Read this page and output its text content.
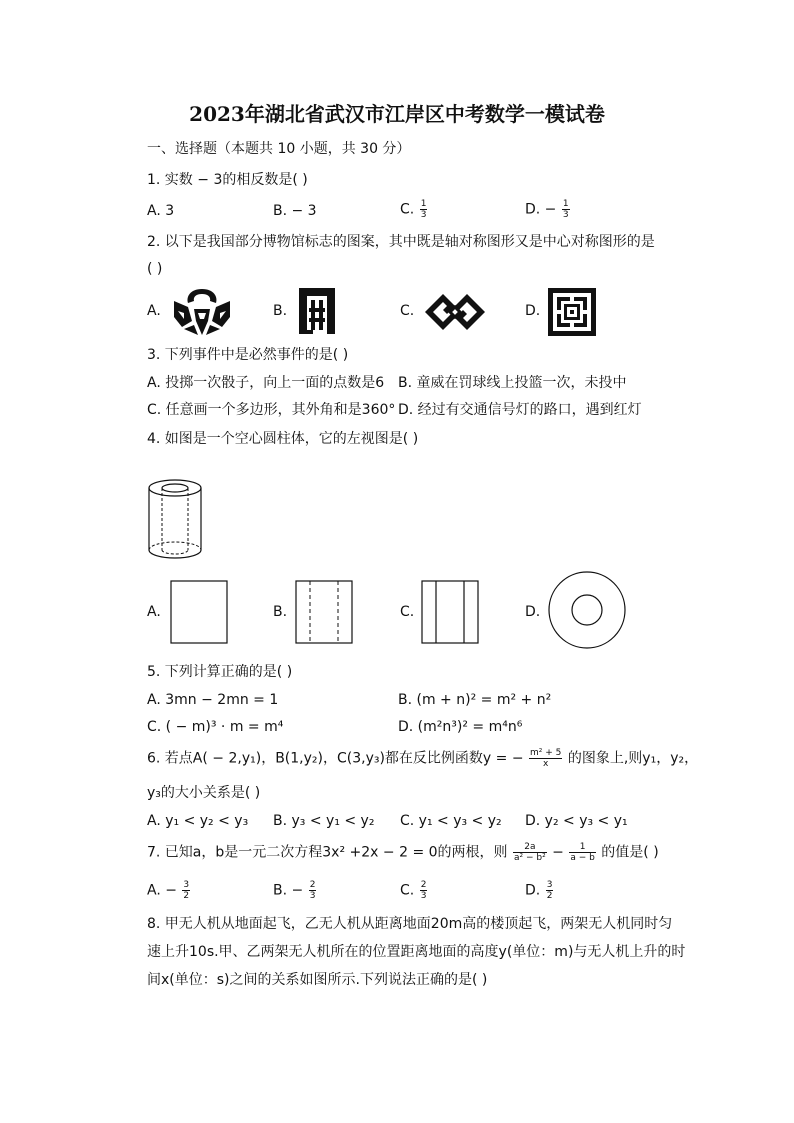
2023年湖北省武汉市江岸区中考数学一模试卷
一、选择题（本题共 10 小题，共 30 分）
1. 实数 − 3的相反数是( )
A. 3	B. − 3	C. $\frac{1}{3}$	D. − $\frac{1}{3}$
2. 以下是我国部分博物馆标志的图案，其中既是轴对称图形又是中心对称图形的是
( )
A.	B.	C.	D.
3. 下列事件中是必然事件的是( )
A. 投掷一次骰子，向上一面的点数是6 B. 童威在罚球线上投篮一次，未投中
C. 任意画一个多边形，其外角和是360° D. 经过有交通信号灯的路口，遇到红灯
4. 如图是一个空心圆柱体，它的左视图是( )
A.	B.	C.	D.
5. 下列计算正确的是( )
A. 3mn − 2mn = 1	B. (m + n)² = m² + n²
C. ( − m)³ · m = m⁴	D. (m²n³)² = m⁴n⁶
6. 若点A( − 2,y₁)，B(1,y₂)，C(3,y₃)都在反比例函数y = − $\frac{\text{m² + 5}}{x}$ 的图象上,则y₁，y₂，
y₃的大小关系是( )
A. y₁ < y₂ < y₃ B. y₃ < y₁ < y₂ C. y₁ < y₃ < y₂ D. y₂ < y₃ < y₁
7. 已知a，b是一元二次方程3x² +2x − 2 = 0的两根，则 $\frac{2a}{\text{a² − b²}} - \frac{1}{a - b}$ 的值是( )
A. − $\frac{3}{2}$	B. − $\frac{2}{3}$	C. $\frac{2}{3}$	D. $\frac{3}{2}$
8. 甲无人机从地面起飞，乙无人机从距离地面20m高的楼顶起飞，两架无人机同时匀
速上升10s.甲、乙两架无人机所在的位置距离地面的高度y(单位：m)与无人机上升的时
间x(单位：s)之间的关系如图所示.下列说法正确的是( )
